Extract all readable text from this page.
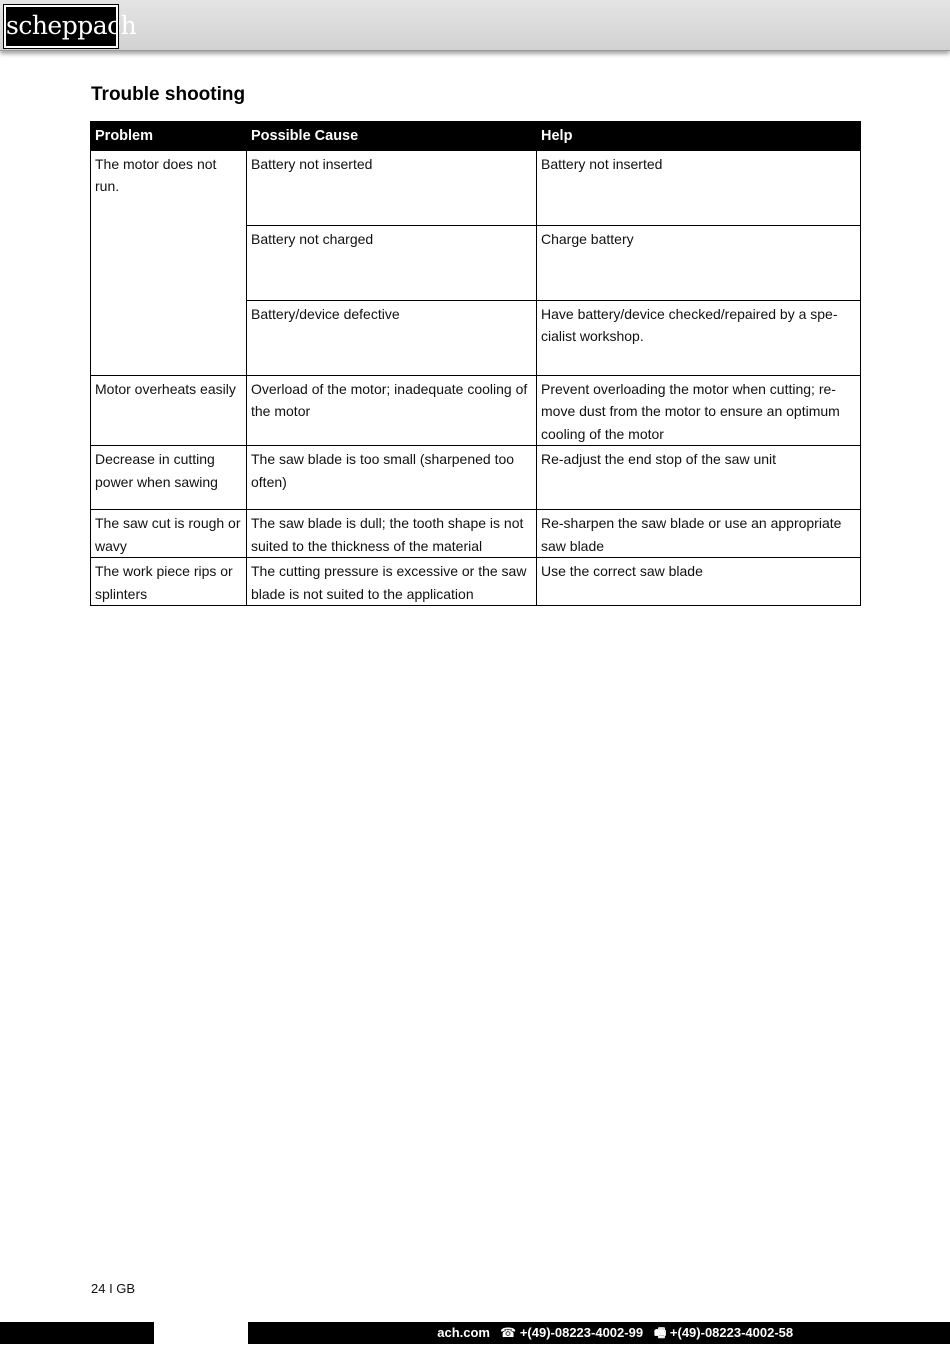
scheppach
Trouble shooting
Problem	Possible Cause	Help
The motor does not run.	Battery not inserted	Battery not inserted
	Battery not charged	Charge battery
	Battery/device defective	Have battery/device checked/repaired by a spe-cialist workshop.
Motor overheats easily	Overload of the motor; inadequate cooling of the motor	Prevent overloading the motor when cutting; re-move dust from the motor to ensure an optimum cooling of the motor
Decrease in cutting power when sawing	The saw blade is too small (sharpened too often)	Re-adjust the end stop of the saw unit
The saw cut is rough or wavy	The saw blade is dull; the tooth shape is not suited to the thickness of the material	Re-sharpen the saw blade or use an appropriate saw blade
The work piece rips or splinters	The cutting pressure is excessive or the saw blade is not suited to the application	Use the correct saw blade
24 I GB
ach.com ☎ +(49)-08223-4002-99 🖷 +(49)-08223-4002-58
